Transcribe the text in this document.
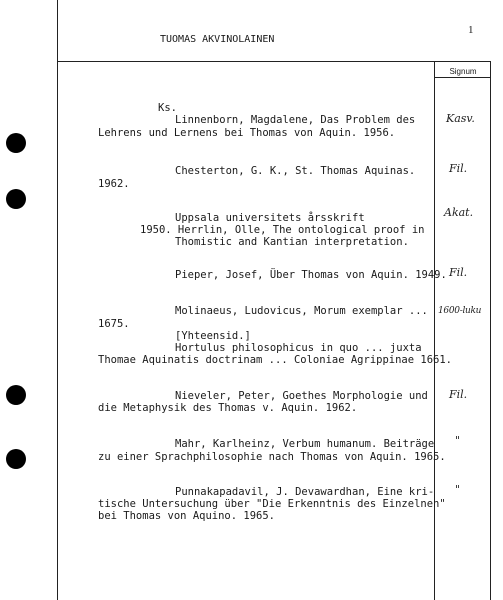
TUOMAS AKVINOLAINEN
1
Signum
Ks.
Linnenborn, Magdalene, Das Problem des
Lehrens und Lernens bei Thomas von Aquin. 1956.
Kasv.
Chesterton, G. K., St. Thomas Aquinas.
1962.
Fil.
Uppsala universitets årsskrift
1950. Herrlin, Olle, The ontological proof in
Thomistic and Kantian interpretation.
Akat.
Pieper, Josef, Über Thomas von Aquin. 1949. Fil.
Molinaeus, Ludovicus, Morum exemplar ...
1675.
[Yhteensid.]
Hortulus philosophicus in quo ... juxta
Thomae Aquinatis doctrinam ... Coloniae Agrippinae 1661.
1600-luku
Nieveler, Peter, Goethes Morphologie und
die Metaphysik des Thomas v. Aquin. 1962.
Fil.
Mahr, Karlheinz, Verbum humanum. Beiträge
zu einer Sprachphilosophie nach Thomas von Aquin. 1965.
"
Punnakapadavil, J. Devawardhan, Eine kri-
tische Untersuchung über "Die Erkenntnis des Einzelnen"
bei Thomas von Aquino. 1965.
"
